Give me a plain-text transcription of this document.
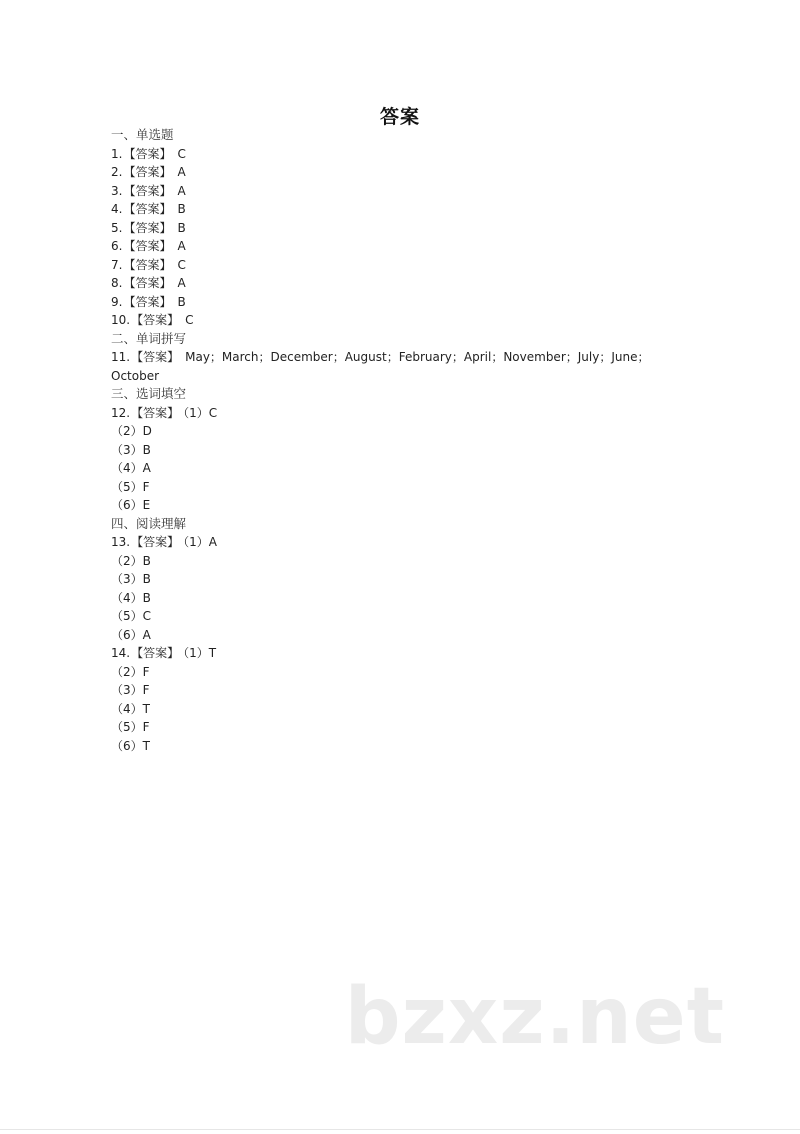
答案
一、单选题
1.【答案】 C
2.【答案】 A
3.【答案】 A
4.【答案】 B
5.【答案】 B
6.【答案】 A
7.【答案】 C
8.【答案】 A
9.【答案】 B
10.【答案】 C
二、单词拼写
11.【答案】 May；March；December；August；February；April；November；July；June；
October
三、选词填空
12.【答案】 （1）C
（2）D
（3）B
（4）A
（5）F
（6）E
四、阅读理解
13.【答案】 （1）A
（2）B
（3）B
（4）B
（5）C
（6）A
14.【答案】 （1）T
（2）F
（3）F
（4）T
（5）F
（6）T
bzxz.net
